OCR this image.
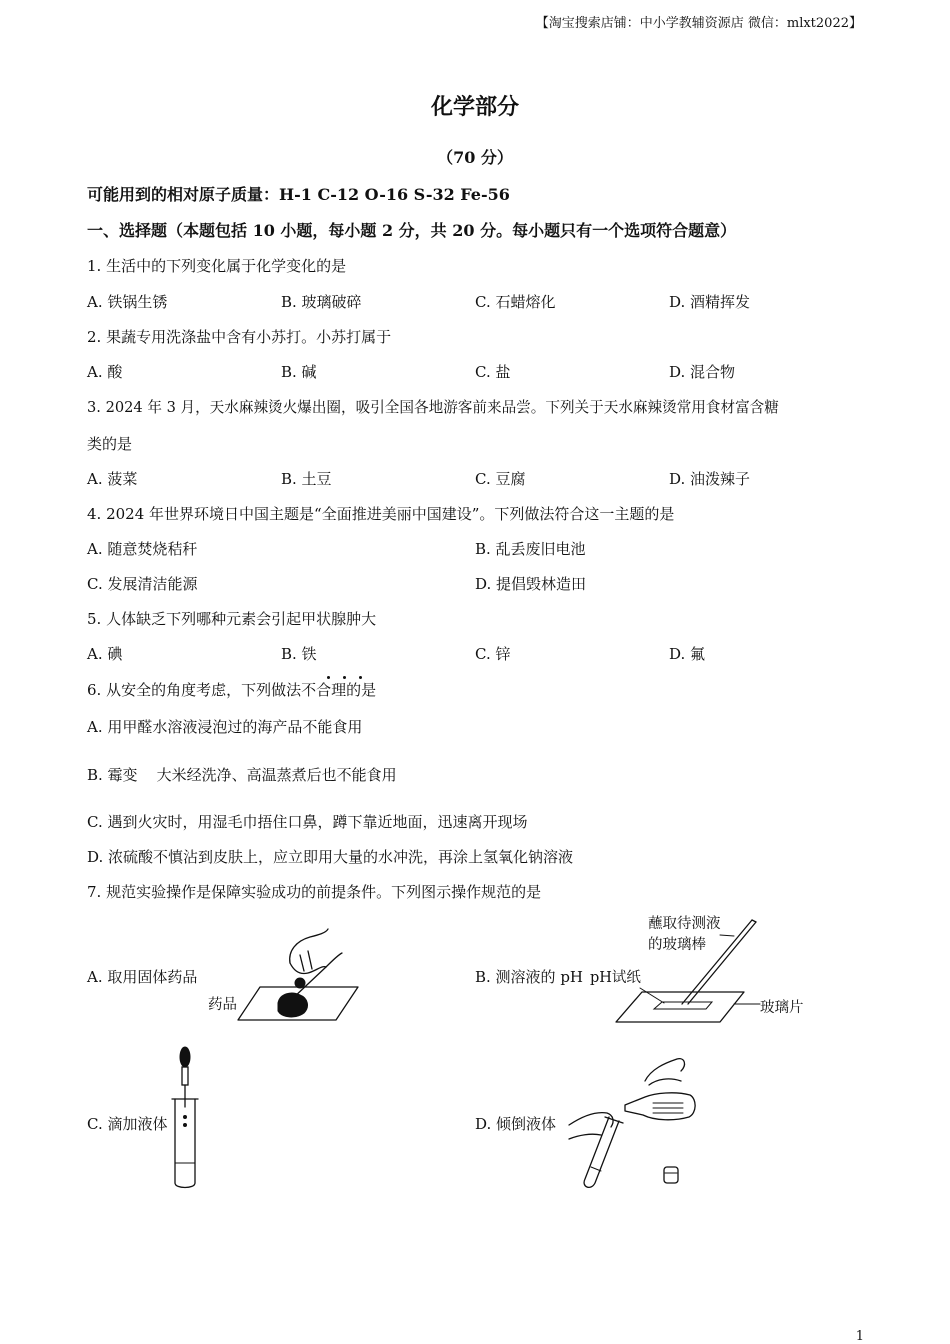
【淘宝搜索店铺：中小学教辅资源店 微信：mlxt2022】
化学部分
（70 分）
可能用到的相对原子质量：H-1 C-12 O-16 S-32 Fe-56
一、选择题（本题包括 10 小题，每小题 2 分，共 20 分。每小题只有一个选项符合题意）
1. 生活中的下列变化属于化学变化的是
A. 铁锅生锈	B. 玻璃破碎	C. 石蜡熔化	D. 酒精挥发
2. 果蔬专用洗涤盐中含有小苏打。小苏打属于
A. 酸	B. 碱	C. 盐	D. 混合物
3. 2024 年 3 月，天水麻辣烫火爆出圈，吸引全国各地游客前来品尝。下列关于天水麻辣烫常用食材富含糖
类的是
A. 菠菜	B. 土豆	C. 豆腐	D. 油泼辣子
4. 2024 年世界环境日中国主题是“全面推进美丽中国建设”。下列做法符合这一主题的是
A. 随意焚烧秸秆	B. 乱丢废旧电池
C. 发展清洁能源	D. 提倡毁林造田
5. 人体缺乏下列哪种元素会引起甲状腺肿大
A. 碘	B. 铁	C. 锌	D. 氟
6. 从安全的角度考虑，下列做法不合理的是
A. 用甲醛水溶液浸泡过的海产品不能食用
B. 霉变    大米经洗净、高温蒸煮后也不能食用
C. 遇到火灾时，用湿毛巾捂住口鼻，蹲下靠近地面，迅速离开现场
D. 浓硫酸不慎沾到皮肤上，应立即用大量的水冲洗，再涂上氢氧化钠溶液
7. 规范实验操作是保障实验成功的前提条件。下列图示操作规范的是
A. 取用固体药品	B. 测溶液的 pH
C. 滴加液体	D. 倾倒液体
药品
蘸取待测液
的玻璃棒
pH试纸
玻璃片
1
